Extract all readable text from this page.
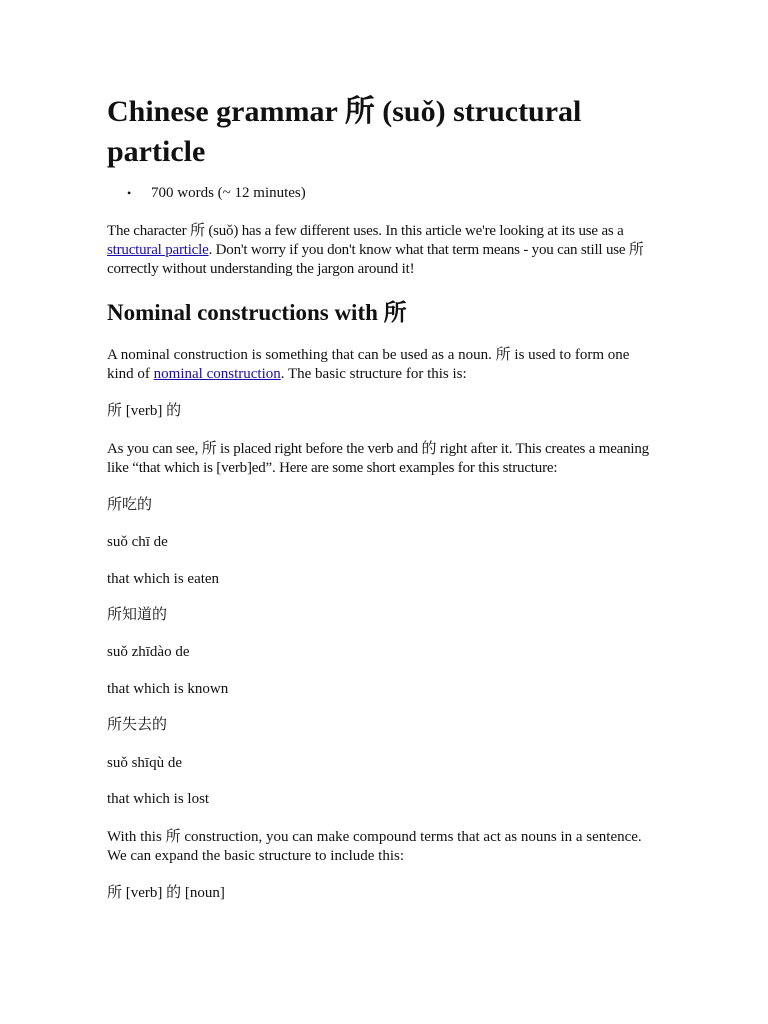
Chinese grammar 所 (suǒ) structural particle
• 700 words (~ 12 minutes)

The character 所 (suǒ) has a few different uses. In this article we're looking at its use as a structural particle. Don't worry if you don't know what that term means - you can still use 所 correctly without understanding the jargon around it!

Nominal constructions with 所

A nominal construction is something that can be used as a noun. 所 is used to form one kind of nominal construction. The basic structure for this is:

所 [verb] 的

As you can see, 所 is placed right before the verb and 的 right after it. This creates a meaning like “that which is [verb]ed”. Here are some short examples for this structure:

所吃的

suǒ chī de

that which is eaten

所知道的

suǒ zhīdào de

that which is known

所失去的

suǒ shīqù de

that which is lost

With this 所 construction, you can make compound terms that act as nouns in a sentence. We can expand the basic structure to include this:

所 [verb] 的 [noun]
